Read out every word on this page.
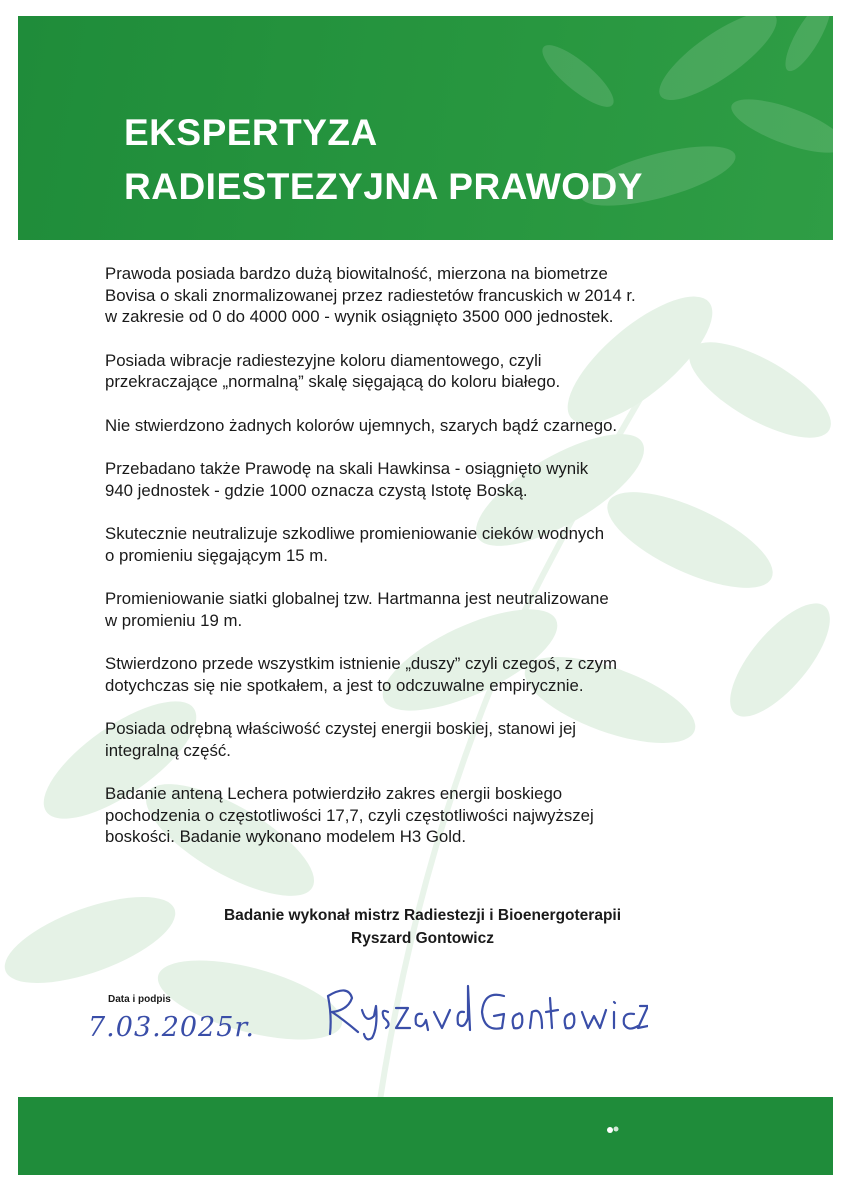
EKSPERTYZA
RADIESTEZYJNA PRAWODY

Prawoda posiada bardzo dużą biowitalność, mierzona na biometrze
Bovisa o skali znormalizowanej przez radiestetów francuskich w 2014 r.
w zakresie od 0 do 4000 000 - wynik osiągnięto 3500 000 jednostek.

Posiada wibracje radiestezyjne koloru diamentowego, czyli
przekraczające „normalną” skalę sięgającą do koloru białego.

Nie stwierdzono żadnych kolorów ujemnych, szarych bądź czarnego.

Przebadano także Prawodę na skali Hawkinsa - osiągnięto wynik
940 jednostek - gdzie 1000 oznacza czystą Istotę Boską.

Skutecznie neutralizuje szkodliwe promieniowanie cieków wodnych
o promieniu sięgającym 15 m.

Promieniowanie siatki globalnej tzw. Hartmanna jest neutralizowane
w promieniu 19 m.

Stwierdzono przede wszystkim istnienie „duszy” czyli czegoś, z czym
dotychczas się nie spotkałem, a jest to odczuwalne empirycznie.

Posiada odrębną właściwość czystej energii boskiej, stanowi jej
integralną część.

Badanie anteną Lechera potwierdziło zakres energii boskiego
pochodzenia o częstotliwości 17,7, czyli częstotliwości najwyższej
boskości. Badanie wykonano modelem H3 Gold.

Badanie wykonał mistrz Radiestezji i Bioenergoterapii
Ryszard Gontowicz
Data i podpis
7.03.2025r.
